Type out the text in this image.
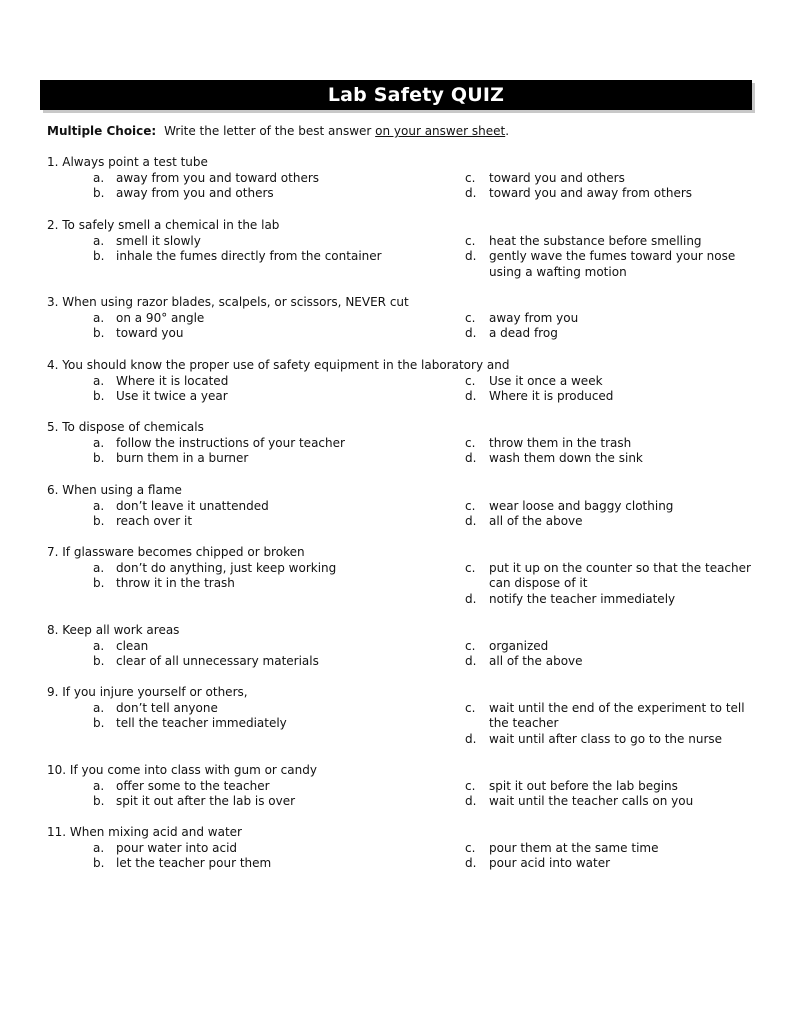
Lab Safety QUIZ
Multiple Choice: Write the letter of the best answer on your answer sheet.
1. Always point a test tube
a. away from you and toward others
b. away from you and others
c.	toward you and others
d.	toward you and away from others
2. To safely smell a chemical in the lab
a. smell it slowly
b. inhale the fumes directly from the container
c.	heat the substance before smelling
d.	gently wave the fumes toward your nose
using a wafting motion
3. When using razor blades, scalpels, or scissors, NEVER cut
a. on a 90° angle
b. toward you
c.	away from you
d.	a dead frog
4. You should know the proper use of safety equipment in the laboratory and
a. Where it is located
b. Use it twice a year
c.	Use it once a week
d.	Where it is produced
5. To dispose of chemicals
a. follow the instructions of your teacher
b. burn them in a burner
c.	throw them in the trash
d.	wash them down the sink
6. When using a flame
a. don’t leave it unattended
b. reach over it
c.	wear loose and baggy clothing
d.	all of the above
7. If glassware becomes chipped or broken
a. don’t do anything, just keep working
b. throw it in the trash
c.	put it up on the counter so that the teacher
can dispose of it
d.	notify the teacher immediately
8. Keep all work areas
a. clean
b. clear of all unnecessary materials
c.	organized
d.	all of the above
9. If you injure yourself or others,
a. don’t tell anyone
b. tell the teacher immediately
c.	wait until the end of the experiment to tell
the teacher
d.	wait until after class to go to the nurse
10. If you come into class with gum or candy
a. offer some to the teacher
b. spit it out after the lab is over
c.	spit it out before the lab begins
d.	wait until the teacher calls on you
11. When mixing acid and water
a. pour water into acid
b. let the teacher pour them
c.	pour them at the same time
d.	pour acid into water
